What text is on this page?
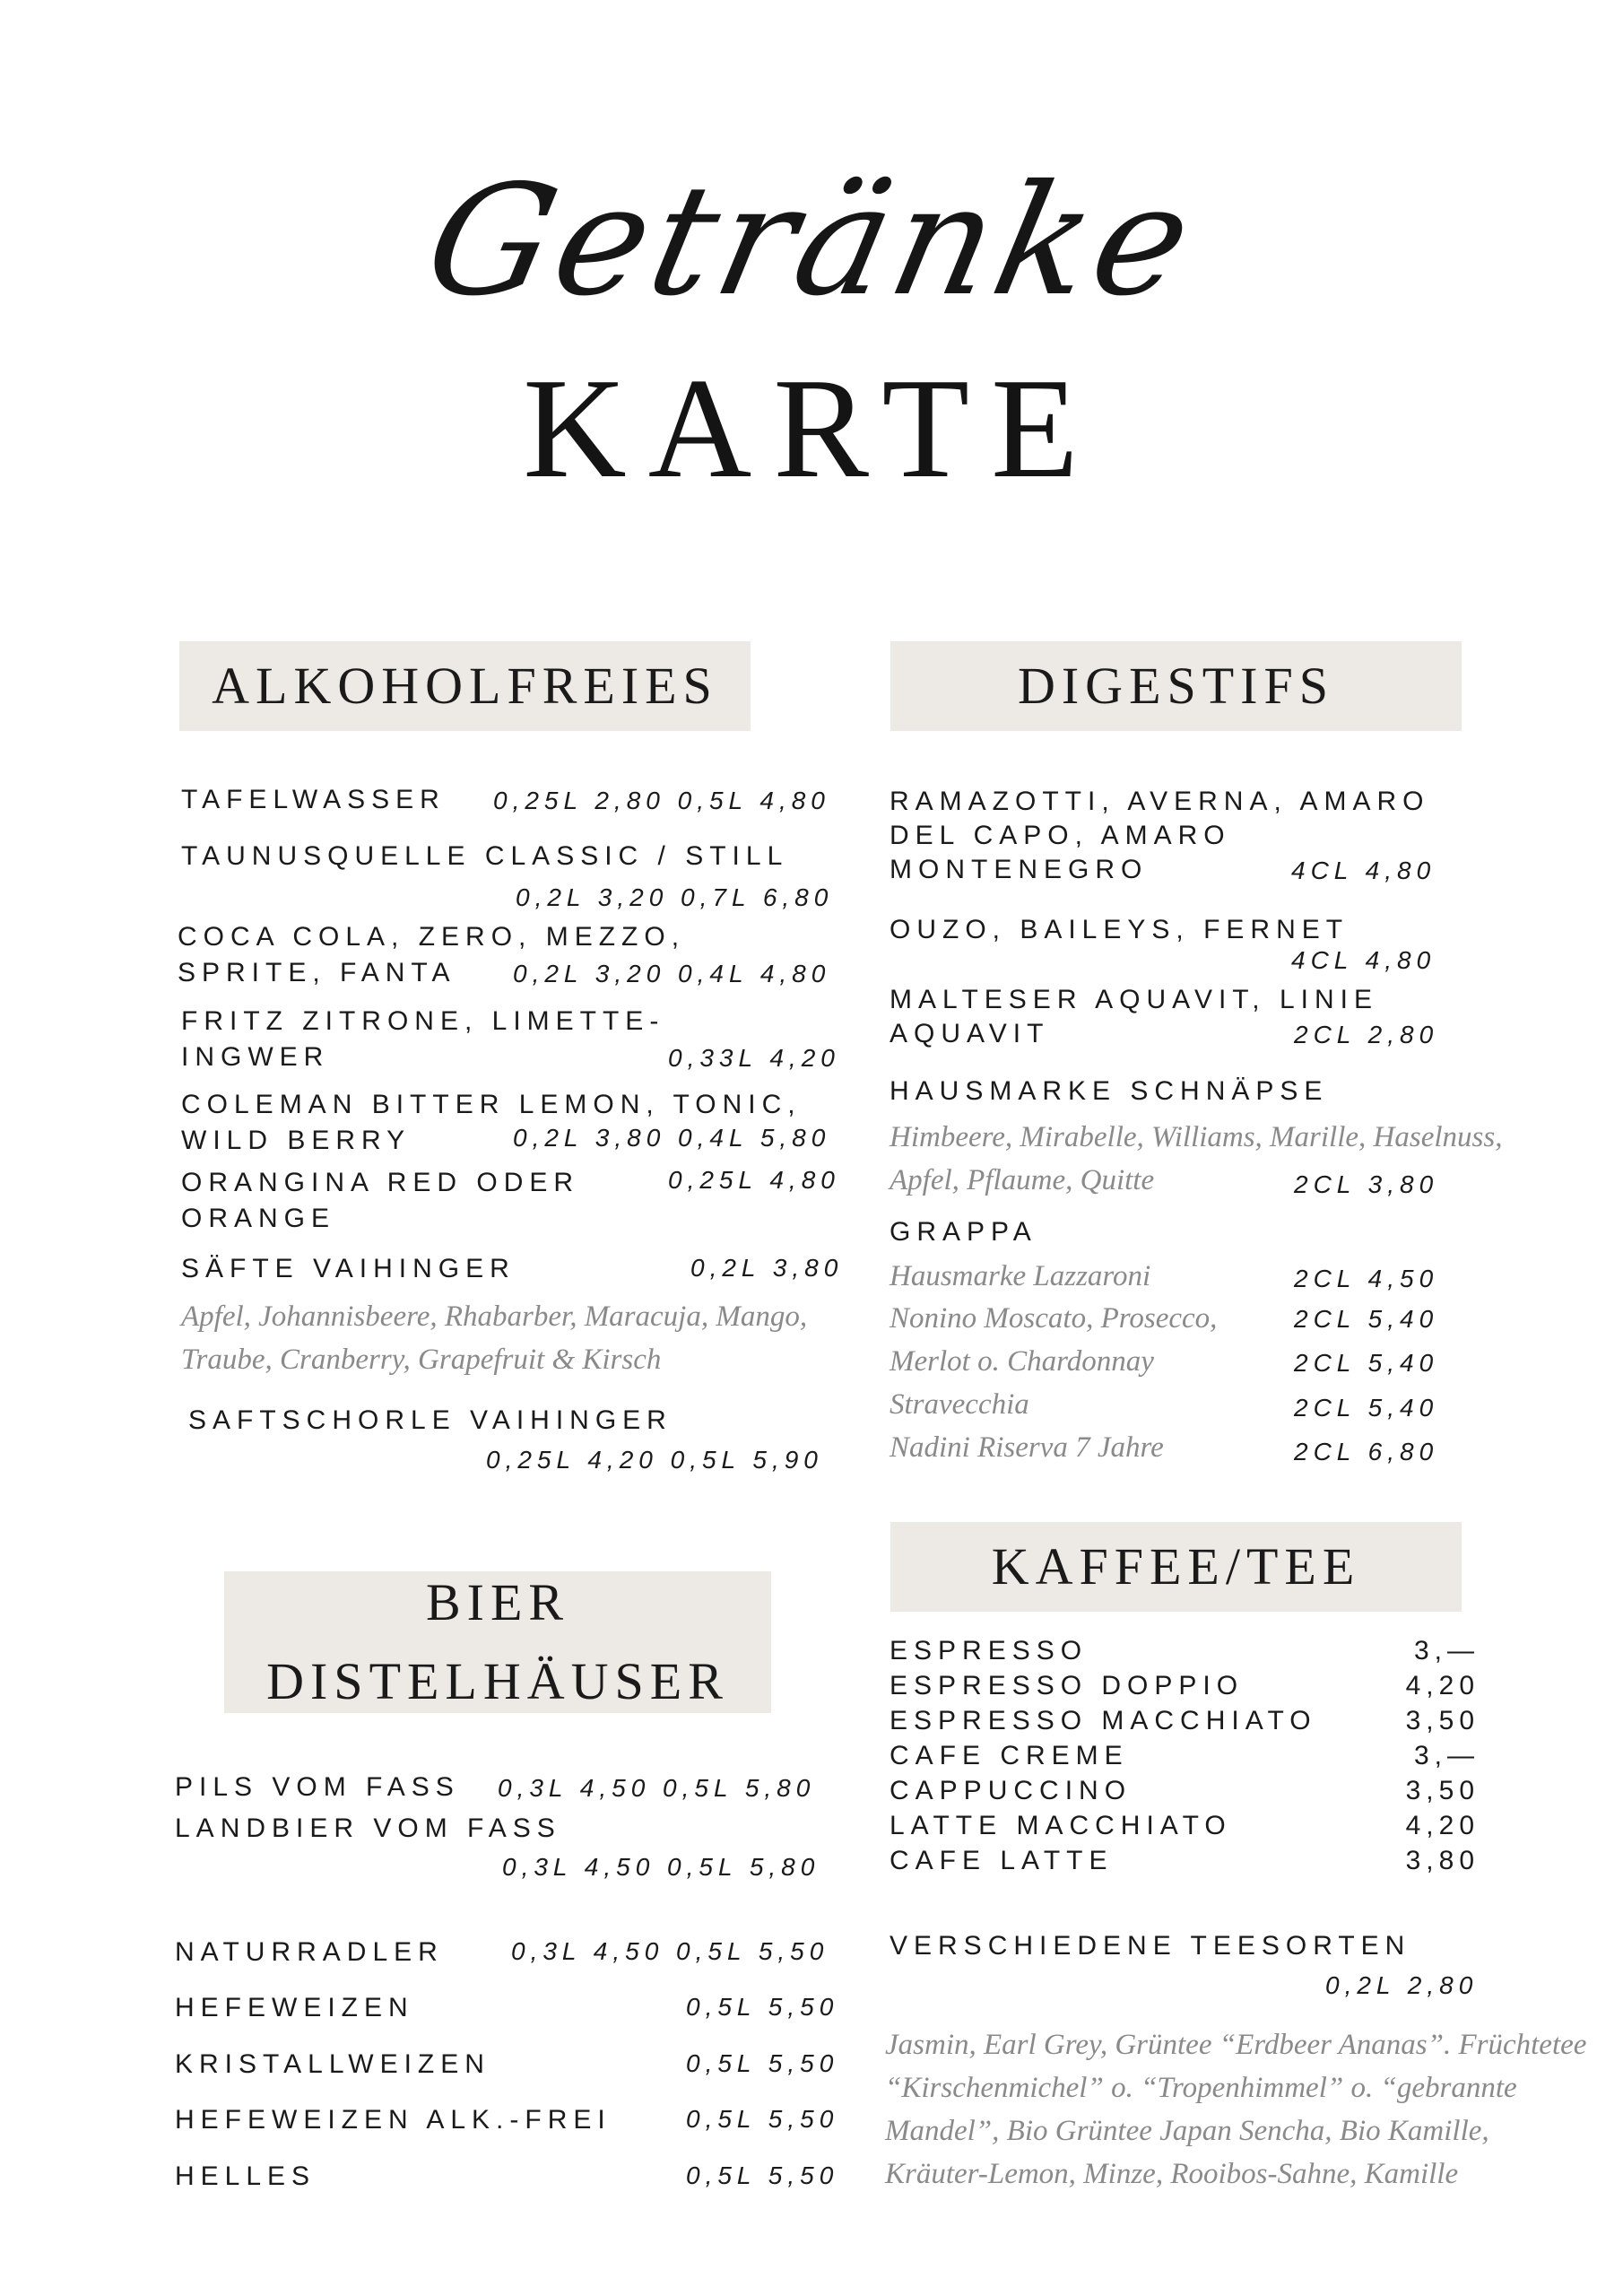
Getränke
KARTE
ALKOHOLFREIES
TAFELWASSER 0,25L 2,80 0,5L 4,80
TAUNUSQUELLE CLASSIC / STILL
0,2L 3,20 0,7L 6,80
COCA COLA, ZERO, MEZZO,
SPRITE, FANTA 0,2L 3,20 0,4L 4,80
FRITZ ZITRONE, LIMETTE-
INGWER	0,33L 4,20
COLEMAN BITTER LEMON, TONIC,
WILD BERRY	0,2L 3,80 0,4L 5,80
ORANGINA RED ODER
ORANGE
0,25L 4,80
SÄFTE VAIHINGER	0,2L 3,80
Apfel, Johannisbeere, Rhabarber, Maracuja, Mango,
Traube, Cranberry, Grapefruit & Kirsch
SAFTSCHORLE VAIHINGER
0,25L 4,20 0,5L 5,90
DIGESTIFS
RAMAZOTTI, AVERNA, AMARO
DEL CAPO, AMARO
MONTENEGRO	4CL 4,80
OUZO, BAILEYS, FERNET
4CL 4,80
MALTESER AQUAVIT, LINIE
AQUAVIT	2CL 2,80
HAUSMARKE SCHNÄPSE
Himbeere, Mirabelle, Williams, Marille, Haselnuss,
Apfel, Pflaume, Quitte	2CL 3,80
GRAPPA
Hausmarke Lazzaroni	2CL 4,50
Nonino Moscato, Prosecco,	2CL 5,40
Merlot o. Chardonnay	2CL 5,40
Stravecchia	2CL 5,40
Nadini Riserva 7 Jahre	2CL 6,80
BIER
DISTELHÄUSER
PILS VOM FASS 0,3L 4,50 0,5L 5,80
LANDBIER VOM FASS
0,3L 4,50 0,5L 5,80
NATURRADLER	0,3L 4,50 0,5L 5,50
HEFEWEIZEN	0,5L 5,50
KRISTALLWEIZEN	0,5L 5,50
HEFEWEIZEN ALK.-FREI	0,5L 5,50
HELLES	0,5L 5,50
KAFFEE/TEE
ESPRESSO	3,—
ESPRESSO DOPPIO	4,20
ESPRESSO MACCHIATO	3,50
CAFE CREME	3,—
CAPPUCCINO	3,50
LATTE MACCHIATO	4,20
CAFE LATTE	3,80
VERSCHIEDENE TEESORTEN
0,2L 2,80
Jasmin, Earl Grey, Grüntee “Erdbeer Ananas”. Früchtetee
“Kirschenmichel” o. “Tropenhimmel” o. “gebrannte
Mandel”, Bio Grüntee Japan Sencha, Bio Kamille,
Kräuter-Lemon, Minze, Rooibos-Sahne, Kamille
